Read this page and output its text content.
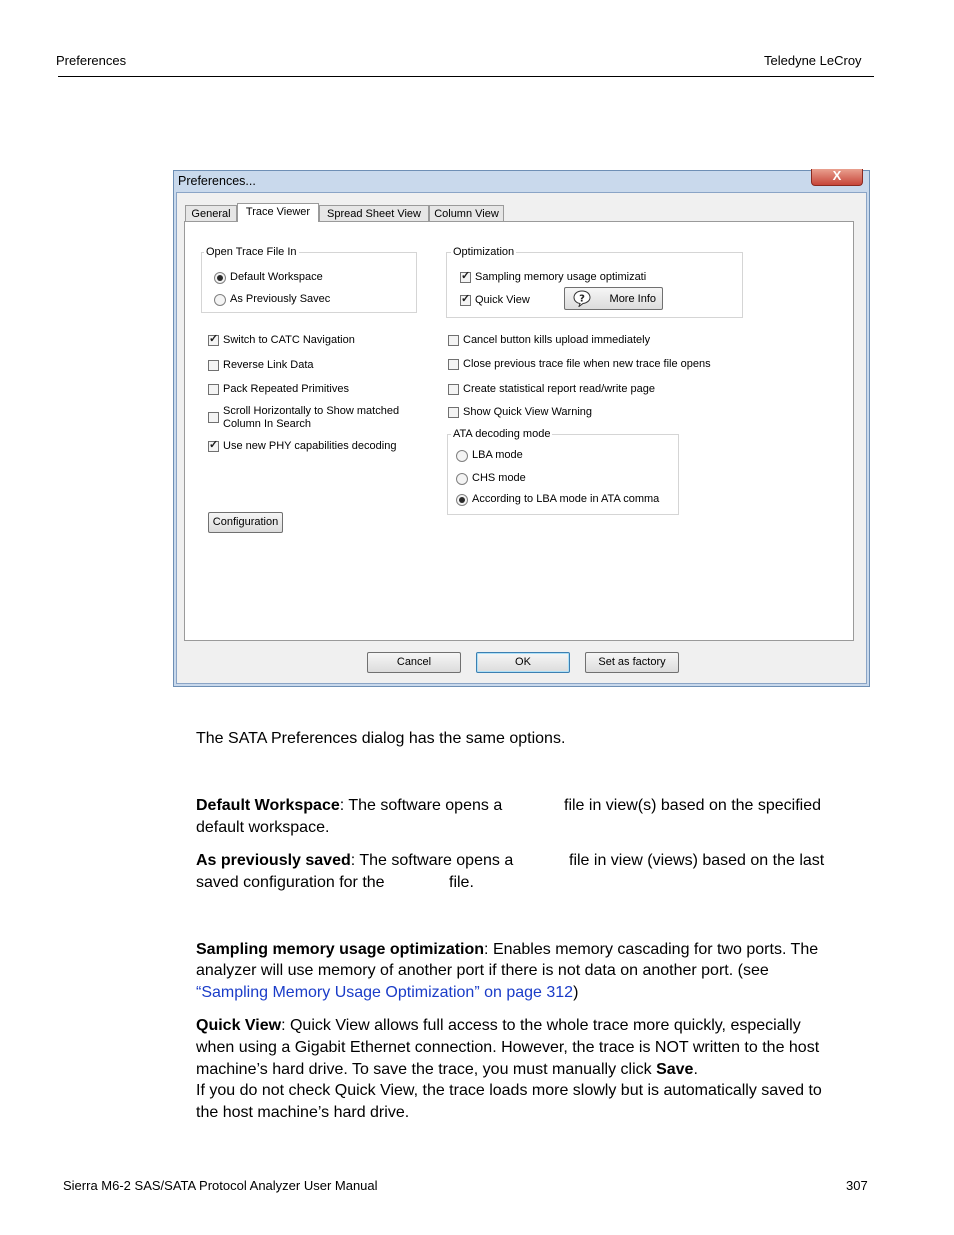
Preferences	Teledyne LeCroy
Preferences...	X
General	Trace Viewer	Spread Sheet View	Column View
Open Trace File In
Default Workspace
As Previously Savec
Optimization
✓
Sampling memory usage optimizati
✓
Quick View	? More Info
✓
Switch to CATC Navigation
Reverse Link Data
Pack Repeated Primitives
Scroll Horizontally to Show matched
Column In Search
✓
Use new PHY capabilities decoding
Configuration
Cancel button kills upload immediately
Close previous trace file when new trace file opens
Create statistical report read/write page
Show Quick View Warning
ATA decoding mode
LBA mode
CHS mode
According to LBA mode in ATA comma
Cancel	OK	Set as factory
The SATA Preferences dialog has the same options.
Default Workspace: The software opens a	file in view(s) based on the specified
default workspace.
As previously saved: The software opens a	file in view (views) based on the last
saved configuration for the	file.
Sampling memory usage optimization: Enables memory cascading for two ports. The
analyzer will use memory of another port if there is not data on another port. (see
“Sampling Memory Usage Optimization” on page 312)
Quick View: Quick View allows full access to the whole trace more quickly, especially
when using a Gigabit Ethernet connection. However, the trace is NOT written to the host
machine’s hard drive. To save the trace, you must manually click Save.
If you do not check Quick View, the trace loads more slowly but is automatically saved to
the host machine’s hard drive.
Sierra M6-2 SAS/SATA Protocol Analyzer User Manual	307
